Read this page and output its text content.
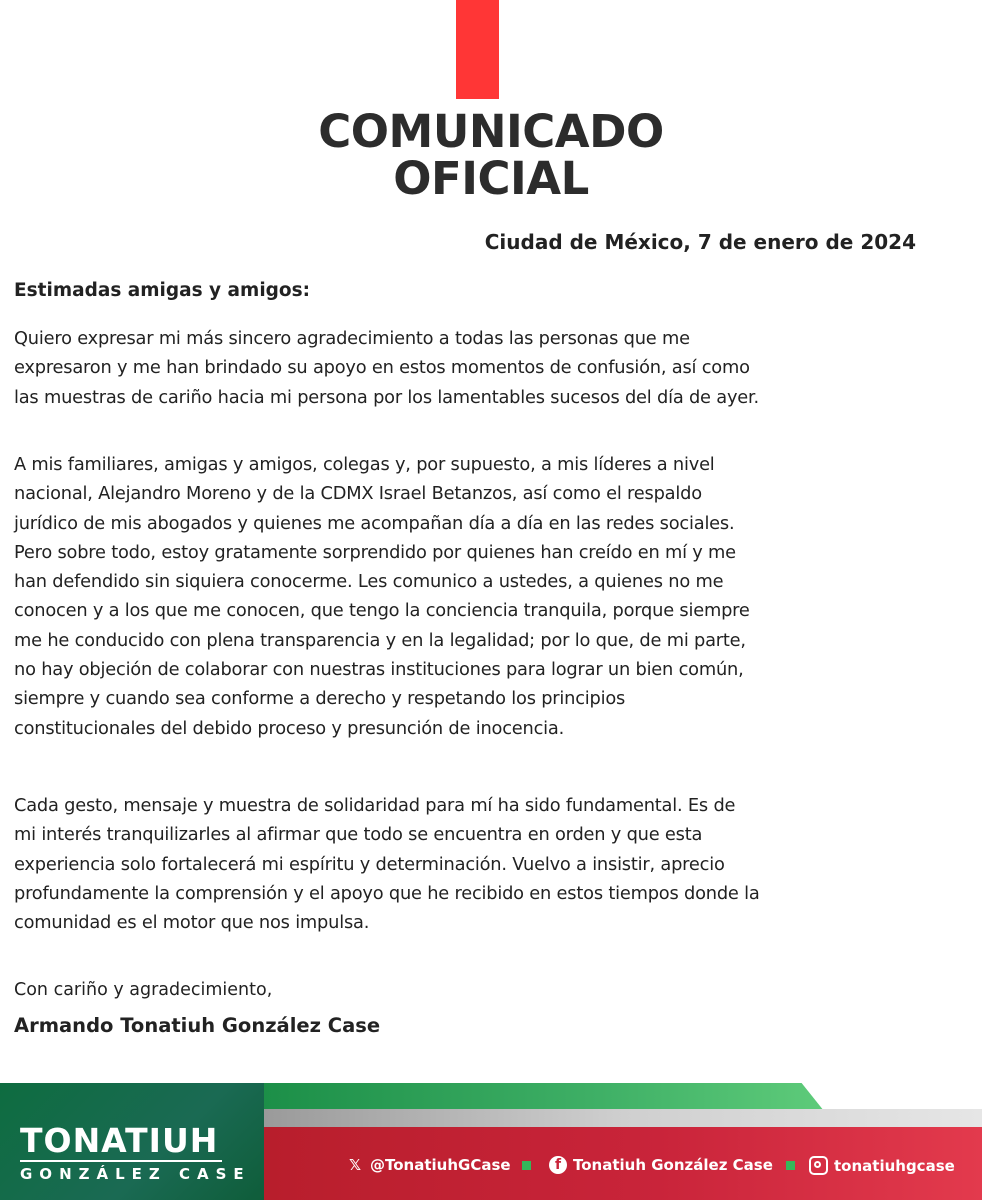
COMUNICADO
OFICIAL
Ciudad de México, 7 de enero de 2024
Estimadas amigas y amigos:
Quiero expresar mi más sincero agradecimiento a todas las personas que me
expresaron y me han brindado su apoyo en estos momentos de confusión, así como
las muestras de cariño hacia mi persona por los lamentables sucesos del día de ayer.
A mis familiares, amigas y amigos, colegas y, por supuesto, a mis líderes a nivel
nacional, Alejandro Moreno y de la CDMX Israel Betanzos, así como el respaldo
jurídico de mis abogados y quienes me acompañan día a día en las redes sociales.
Pero sobre todo, estoy gratamente sorprendido por quienes han creído en mí y me
han defendido sin siquiera conocerme. Les comunico a ustedes, a quienes no me
conocen y a los que me conocen, que tengo la conciencia tranquila, porque siempre
me he conducido con plena transparencia y en la legalidad; por lo que, de mi parte,
no hay objeción de colaborar con nuestras instituciones para lograr un bien común,
siempre y cuando sea conforme a derecho y respetando los principios
constitucionales del debido proceso y presunción de inocencia.
Cada gesto, mensaje y muestra de solidaridad para mí ha sido fundamental. Es de
mi interés tranquilizarles al afirmar que todo se encuentra en orden y que esta
experiencia solo fortalecerá mi espíritu y determinación. Vuelvo a insistir, aprecio
profundamente la comprensión y el apoyo que he recibido en estos tiempos donde la
comunidad es el motor que nos impulsa.
Con cariño y agradecimiento,
Armando Tonatiuh González Case
TONATIUH
GONZÁLEZ CASE	𝕏 @TonatiuhGCase	f Tonatiuh González Case	tonatiuhgcase
